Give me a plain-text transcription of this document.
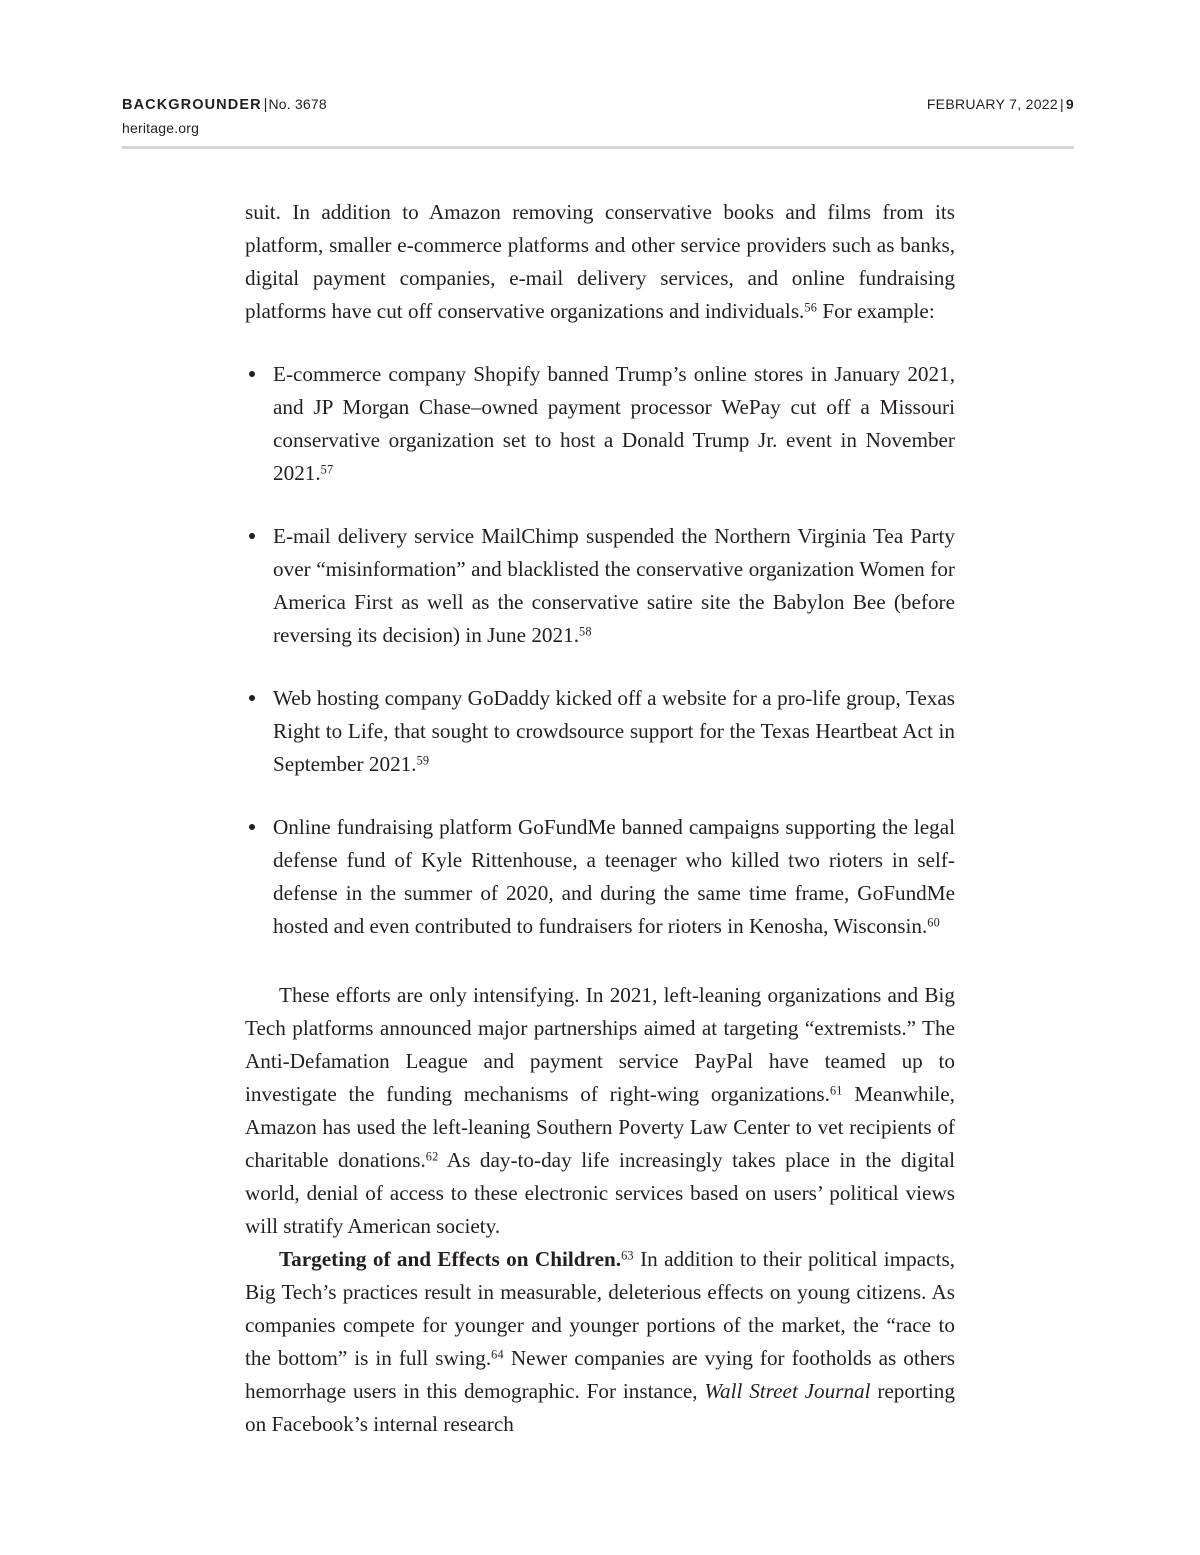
BACKGROUNDER |No. 3678	FEBRUARY 7, 2022 | 9
heritage.org

suit. In addition to Amazon removing conservative books and films from its platform, smaller e-commerce platforms and other service providers such as banks, digital payment companies, e-mail delivery services, and online fundraising platforms have cut off conservative organizations and individuals.$^{56}$ For example:

E-commerce company Shopify banned Trump’s online stores in January 2021, and JP Morgan Chase–owned payment processor WePay cut off a Missouri conservative organization set to host a Donald Trump Jr. event in November 2021.57
E-mail delivery service MailChimp suspended the Northern Virginia Tea Party over “misinformation” and blacklisted the conservative organization Women for America First as well as the conservative satire site the Babylon Bee (before reversing its decision) in June 2021.58
Web hosting company GoDaddy kicked off a website for a pro-life group, Texas Right to Life, that sought to crowdsource support for the Texas Heartbeat Act in September 2021.59
Online fundraising platform GoFundMe banned campaigns supporting the legal defense fund of Kyle Rittenhouse, a teenager who killed two rioters in self-defense in the summer of 2020, and during the same time frame, GoFundMe hosted and even contributed to fundraisers for rioters in Kenosha, Wisconsin.$^{60}$

These efforts are only intensifying. In 2021, left-leaning organizations and Big Tech platforms announced major partnerships aimed at targeting “extremists.” The Anti-Defamation League and payment service PayPal have teamed up to investigate the funding mechanisms of right-wing organizations.$^{61}$ Meanwhile, Amazon has used the left-leaning Southern Poverty Law Center to vet recipients of charitable donations.$^{62}$ As day-to-day life increasingly takes place in the digital world, denial of access to these electronic services based on users’ political views will stratify American society.

Targeting of and Effects on Children.$^{63}$ In addition to their political impacts, Big Tech’s practices result in measurable, deleterious effects on young citizens. As companies compete for younger and younger portions of the market, the “race to the bottom” is in full swing.$^{64}$ Newer companies are vying for footholds as others hemorrhage users in this demographic. For instance, Wall Street Journal reporting on Facebook’s internal research
